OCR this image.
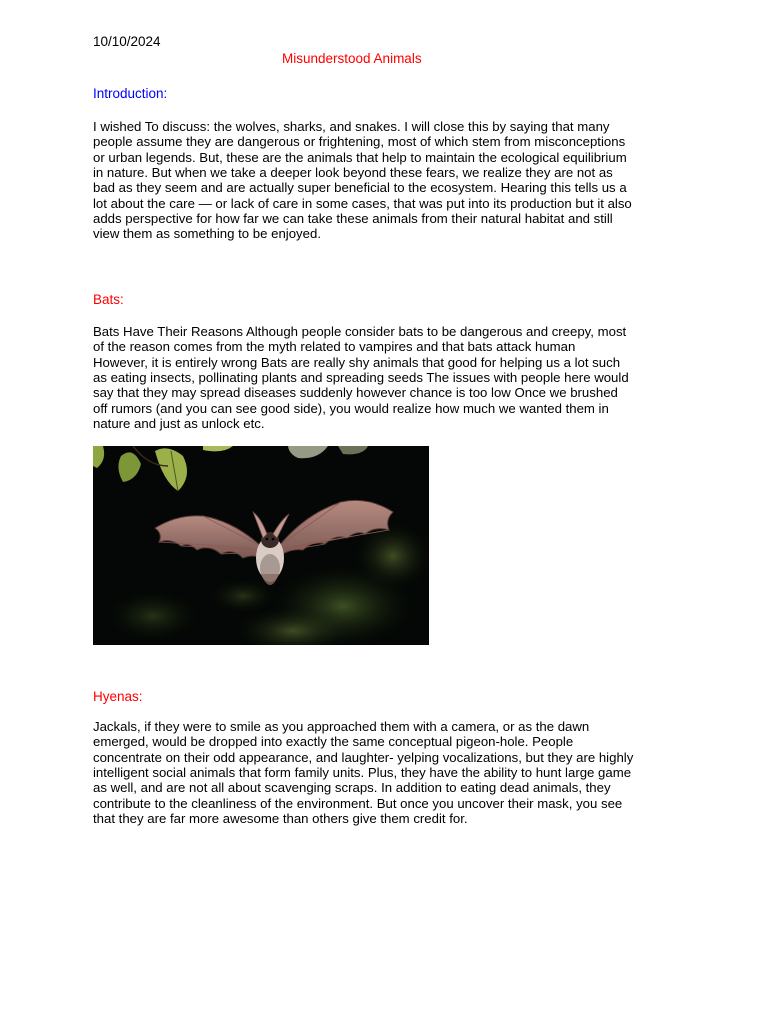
10/10/2024
Misunderstood Animals
Introduction:
I wished To discuss: the wolves, sharks, and snakes. I will close this by saying that many
people assume they are dangerous or frightening, most of which stem from misconceptions
or urban legends. But, these are the animals that help to maintain the ecological equilibrium
in nature. But when we take a deeper look beyond these fears, we realize they are not as
bad as they seem and are actually super beneficial to the ecosystem. Hearing this tells us a
lot about the care — or lack of care in some cases, that was put into its production but it also
adds perspective for how far we can take these animals from their natural habitat and still
view them as something to be enjoyed.
Bats:
Bats Have Their Reasons Although people consider bats to be dangerous and creepy, most
of the reason comes from the myth related to vampires and that bats attack human
However, it is entirely wrong Bats are really shy animals that good for helping us a lot such
as eating insects, pollinating plants and spreading seeds The issues with people here would
say that they may spread diseases suddenly however chance is too low Once we brushed
off rumors (and you can see good side), you would realize how much we wanted them in
nature and just as unlock etc.
Hyenas:
Jackals, if they were to smile as you approached them with a camera, or as the dawn
emerged, would be dropped into exactly the same conceptual pigeon-hole. People
concentrate on their odd appearance, and laughter- yelping vocalizations, but they are highly
intelligent social animals that form family units. Plus, they have the ability to hunt large game
as well, and are not all about scavenging scraps. In addition to eating dead animals, they
contribute to the cleanliness of the environment. But once you uncover their mask, you see
that they are far more awesome than others give them credit for.
